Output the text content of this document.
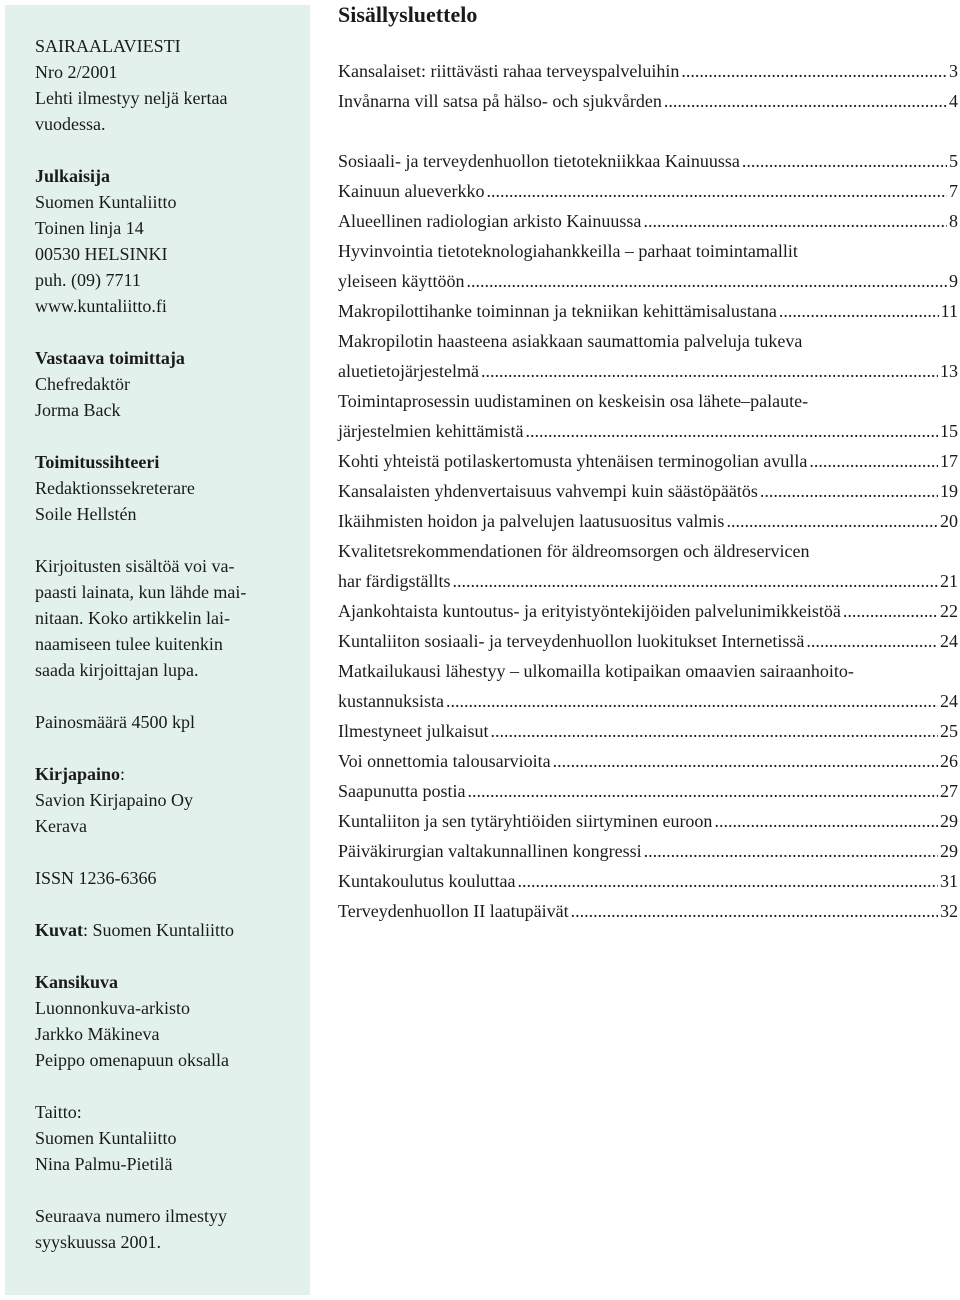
SAIRAALAVIESTI

Nro 2/2001

Lehti ilmestyy neljä kertaa

vuodessa.

Julkaisija

Suomen Kuntaliitto

Toinen linja 14

00530 HELSINKI

puh. (09) 7711

www.kuntaliitto.fi

Vastaava toimittaja

Chefredaktör

Jorma Back

Toimitussihteeri

Redaktionssekreterare

Soile Hellstén

Kirjoitusten sisältöä voi va-

paasti lainata, kun lähde mai-

nitaan. Koko artikkelin lai-

naamiseen tulee kuitenkin

saada kirjoittajan lupa.

Painosmäärä 4500 kpl

Kirjapaino:

Savion Kirjapaino Oy

Kerava

ISSN 1236-6366

Kuvat: Suomen Kuntaliitto

Kansikuva

Luonnonkuva-arkisto

Jarkko Mäkineva

Peippo omenapuun oksalla

Taitto:

Suomen Kuntaliitto

Nina Palmu-Pietilä

Seuraava numero ilmestyy

syyskuussa 2001.

Sisällysluettelo
Kansalaiset: riittävästi rahaa terveyspalveluihin .....	3
Invånarna vill satsa på hälso- och sjukvården .....	4
Sosiaali- ja terveydenhuollon tietotekniikkaa Kainuussa .....	5
Kainuun alueverkko .....	7
Alueellinen radiologian arkisto Kainuussa .....	8
Hyvinvointia tietoteknologiahankkeilla – parhaat toimintamallit
yleiseen käyttöön .....	9
Makropilottihanke toiminnan ja tekniikan kehittämisalustana .....	11
Makropilotin haasteena asiakkaan saumattomia palveluja tukeva
aluetietojärjestelmä .....	13
Toimintaprosessin uudistaminen on keskeisin osa lähete–palaute-
järjestelmien kehittämistä .....	15
Kohti yhteistä potilaskertomusta yhtenäisen terminogolian avulla .....	17
Kansalaisten yhdenvertaisuus vahvempi kuin säästöpäätös .....	19
Ikäihmisten hoidon ja palvelujen laatusuositus valmis .....	20
Kvalitetsrekommendationen för äldreomsorgen och äldreservicen
har färdigställts .....	21
Ajankohtaista kuntoutus- ja erityistyöntekijöiden palvelunimikkeistöä .....	22
Kuntaliiton sosiaali- ja terveydenhuollon luokitukset Internetissä .....	24
Matkailukausi lähestyy – ulkomailla kotipaikan omaavien sairaanhoito-
kustannuksista .....	24
Ilmestyneet julkaisut .....	25
Voi onnettomia talousarvioita .....	26
Saapunutta postia .....	27
Kuntaliiton ja sen tytäryhtiöiden siirtyminen euroon .....	29
Päiväkirurgian valtakunnallinen kongressi .....	29
Kuntakoulutus kouluttaa .....	31
Terveydenhuollon II laatupäivät .....	32
